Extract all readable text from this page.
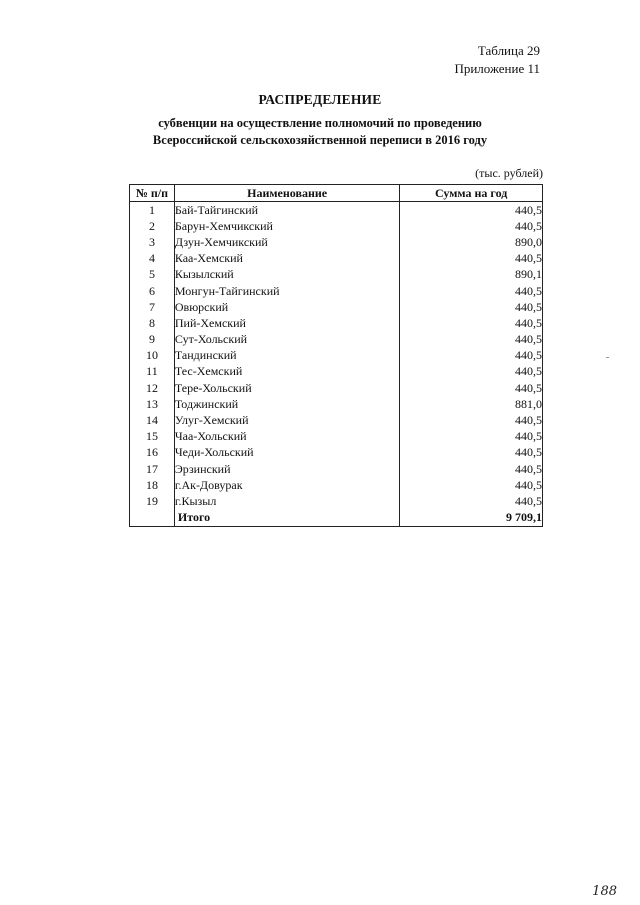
Таблица 29
Приложение 11
РАСПРЕДЕЛЕНИЕ
субвенции на осуществление полномочий по проведению
Всероссийской сельскохозяйственной переписи в 2016 году
(тыс. рублей)
№ п/п	Наименование	Сумма на год
1	Бай-Тайгинский	440,5
2	Барун-Хемчикский	440,5
3	Дзун-Хемчикский	890,0
4	Каа-Хемский	440,5
5	Кызылский	890,1
6	Монгун-Тайгинский	440,5
7	Овюрский	440,5
8	Пий-Хемский	440,5
9	Сут-Хольский	440,5
10	Тандинский	440,5
11	Тес-Хемский	440,5
12	Тере-Хольский	440,5
13	Тоджинский	881,0
14	Улуг-Хемский	440,5
15	Чаа-Хольский	440,5
16	Чеди-Хольский	440,5
17	Эрзинский	440,5
18	г.Ак-Довурак	440,5
19	г.Кызыл	440,5
	Итого	9 709,1
188
